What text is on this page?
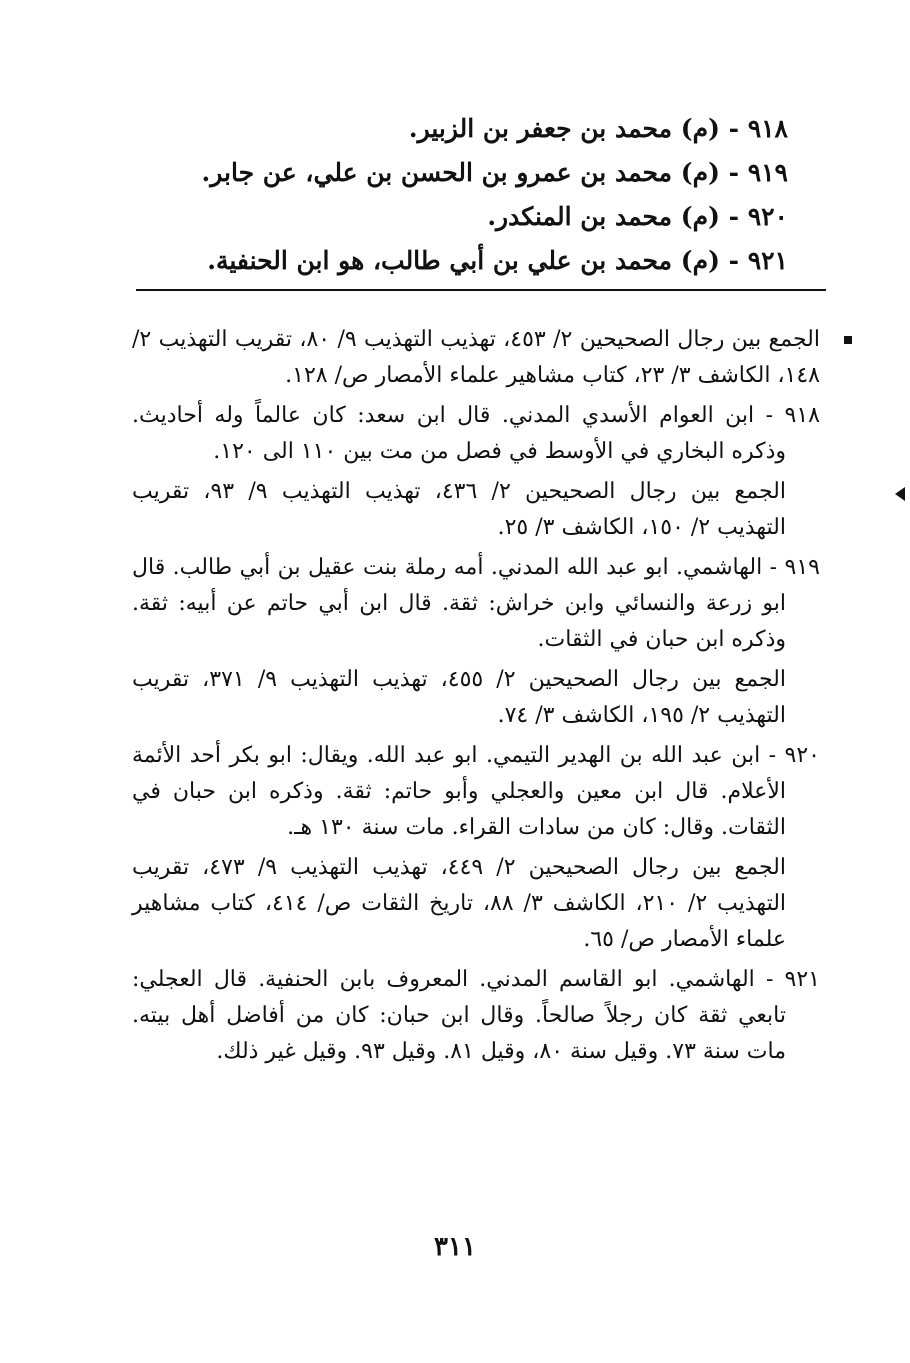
٩١٨ - (م) محمد بن جعفر بن الزبير.
٩١٩ - (م) محمد بن عمرو بن الحسن بن علي، عن جابر.
٩٢٠ - (م) محمد بن المنكدر.
٩٢١ - (م) محمد بن علي بن أبي طالب، هو ابن الحنفية.

الجمع بين رجال الصحيحين ٢/ ٤٥٣، تهذيب التهذيب ٩/ ٨٠، تقريب التهذيب ٢/ ١٤٨، الكاشف ٣/ ٢٣، كتاب مشاهير علماء الأمصار ص/ ١٢٨.

٩١٨ - ابن العوام الأسدي المدني. قال ابن سعد: كان عالماً وله أحاديث. وذكره البخاري في الأوسط في فصل من مت بين ١١٠ الى ١٢٠.

الجمع بين رجال الصحيحين ٢/ ٤٣٦، تهذيب التهذيب ٩/ ٩٣، تقريب التهذيب ٢/ ١٥٠، الكاشف ٣/ ٢٥.

٩١٩ - الهاشمي. ابو عبد الله المدني. أمه رملة بنت عقيل بن أبي طالب. قال ابو زرعة والنسائي وابن خراش: ثقة. قال ابن أبي حاتم عن أبيه: ثقة. وذكره ابن حبان في الثقات.

الجمع بين رجال الصحيحين ٢/ ٤٥٥، تهذيب التهذيب ٩/ ٣٧١، تقريب التهذيب ٢/ ١٩٥، الكاشف ٣/ ٧٤.

٩٢٠ - ابن عبد الله بن الهدير التيمي. ابو عبد الله. ويقال: ابو بكر أحد الأئمة الأعلام. قال ابن معين والعجلي وأبو حاتم: ثقة. وذكره ابن حبان في الثقات. وقال: كان من سادات القراء. مات سنة ١٣٠ هـ.

الجمع بين رجال الصحيحين ٢/ ٤٤٩، تهذيب التهذيب ٩/ ٤٧٣، تقريب التهذيب ٢/ ٢١٠، الكاشف ٣/ ٨٨، تاريخ الثقات ص/ ٤١٤، كتاب مشاهير علماء الأمصار ص/ ٦٥.

٩٢١ - الهاشمي. ابو القاسم المدني. المعروف بابن الحنفية. قال العجلي: تابعي ثقة كان رجلاً صالحاً. وقال ابن حبان: كان من أفاضل أهل بيته. مات سنة ٧٣. وقيل سنة ٨٠، وقيل ٨١. وقيل ٩٣. وقيل غير ذلك.

٣١١
